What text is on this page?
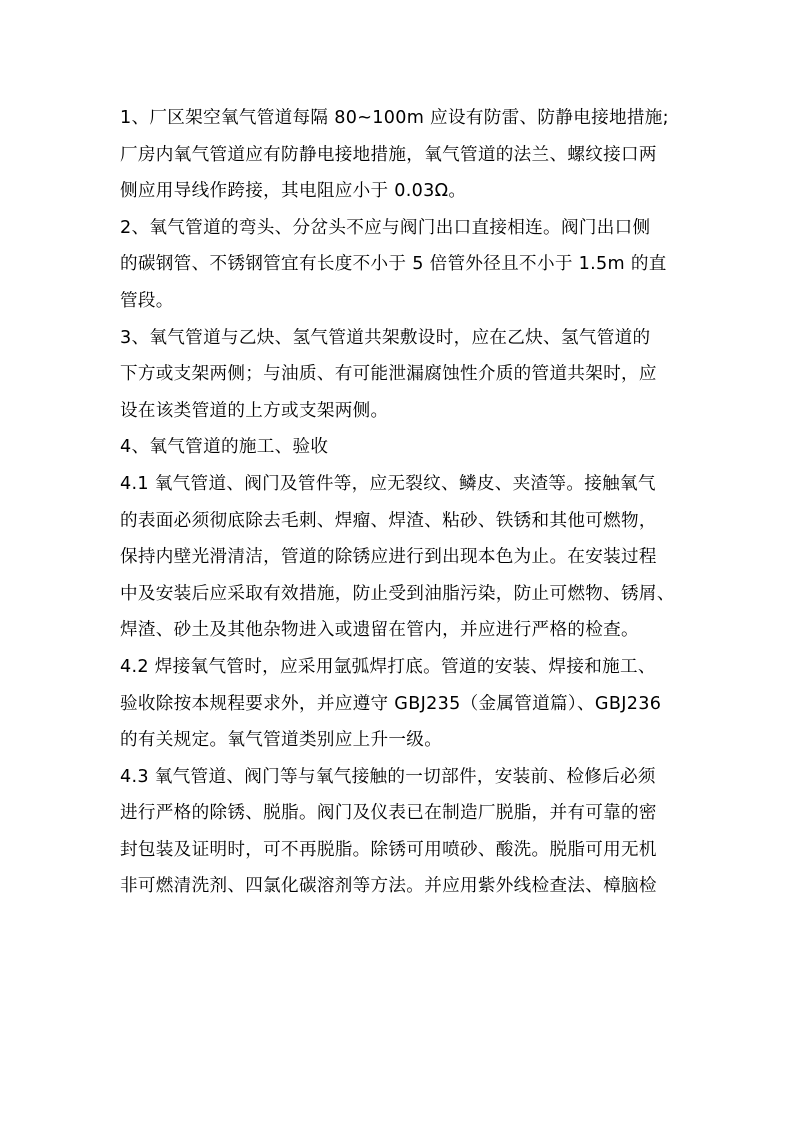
1、厂区架空氧气管道每隔 80~100m 应设有防雷、防静电接地措施;
厂房内氧气管道应有防静电接地措施，氧气管道的法兰、螺纹接口两
侧应用导线作跨接，其电阻应小于 0.03Ω。
2、氧气管道的弯头、分岔头不应与阀门出口直接相连。阀门出口侧
的碳钢管、不锈钢管宜有长度不小于 5 倍管外径且不小于 1.5m 的直
管段。
3、氧气管道与乙炔、氢气管道共架敷设时，应在乙炔、氢气管道的
下方或支架两侧；与油质、有可能泄漏腐蚀性介质的管道共架时，应
设在该类管道的上方或支架两侧。
4、氧气管道的施工、验收
4.1 氧气管道、阀门及管件等，应无裂纹、鳞皮、夹渣等。接触氧气
的表面必须彻底除去毛刺、焊瘤、焊渣、粘砂、铁锈和其他可燃物，
保持内壁光滑清洁，管道的除锈应进行到出现本色为止。在安装过程
中及安装后应采取有效措施，防止受到油脂污染，防止可燃物、锈屑、
焊渣、砂土及其他杂物进入或遗留在管内，并应进行严格的检查。
4.2 焊接氧气管时，应采用氩弧焊打底。管道的安装、焊接和施工、
验收除按本规程要求外，并应遵守 GBJ235（金属管道篇）、GBJ236
的有关规定。氧气管道类别应上升一级。
4.3 氧气管道、阀门等与氧气接触的一切部件，安装前、检修后必须
进行严格的除锈、脱脂。阀门及仪表已在制造厂脱脂，并有可靠的密
封包装及证明时，可不再脱脂。除锈可用喷砂、酸洗。脱脂可用无机
非可燃清洗剂、四氯化碳溶剂等方法。并应用紫外线检查法、樟脑检
